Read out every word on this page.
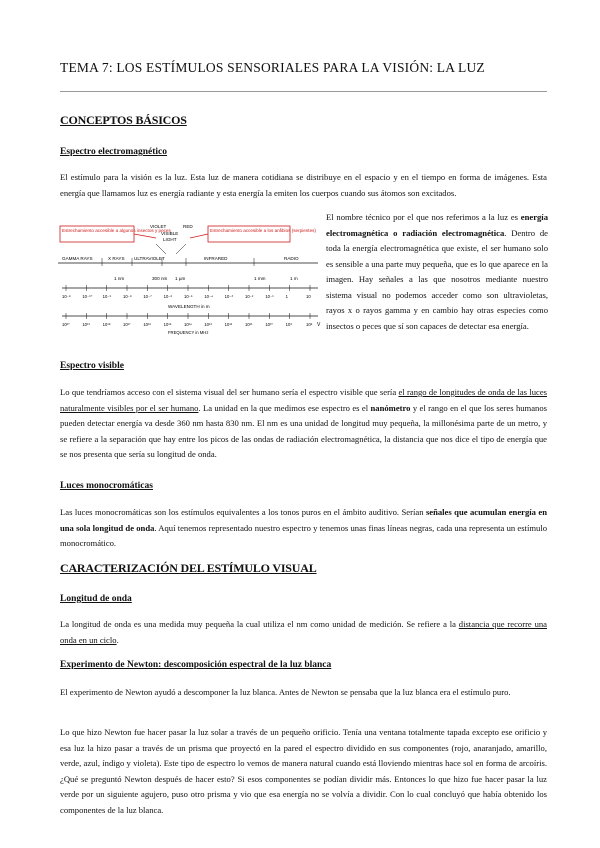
TEMA 7: LOS ESTÍMULOS SENSORIALES PARA LA VISIÓN: LA LUZ
CONCEPTOS BÁSICOS
Espectro electromagnético
El estímulo para la visión es la luz. Esta luz de manera cotidiana se distribuye en el espacio y en el tiempo en forma de imágenes. Esta energía que llamamos luz es energía radiante y esta energía la emiten los cuerpos cuando sus átomos son excitados.
Estrechamiento accesible a algunos insectos y peces	Estrechamiento accesible a los anfibios (serpientes)
VIOLET	RED
VISIBLE
LIGHT
GAMMA RAYS	X RAYS ULTRAVIOLET	INFRARED	RADIO
1 nm	300 nm 1 µm	1 mm	1 m
10⁻⁸	10⁻¹⁰ 10⁻⁹	10⁻⁸	10⁻⁷	10⁻⁶	10⁻⁵	10⁻⁴	10⁻³	10⁻²	10⁻¹	1	10
WAVELENGTH in m
10²⁰	10¹⁹	10¹⁸	10¹⁷	10¹⁶	10¹⁵	10¹⁴	10¹³	10¹²	10¹¹	10¹⁰	10⁹	10⁸
FREQUENCY in MHz
V
El nombre técnico por el que nos referimos a la luz es energía electromagnética o radiación electromagnética. Dentro de toda la energía electromagnética que existe, el ser humano solo es sensible a una parte muy pequeña, que es lo que aparece en la imagen. Hay señales a las que nosotros mediante nuestro sistema visual no podemos acceder como son ultravioletas, rayos x o rayos gamma y en cambio hay otras especies como insectos o peces que sí son capaces de detectar esa energía.
Espectro visible
Lo que tendríamos acceso con el sistema visual del ser humano sería el espectro visible que sería el rango de longitudes de onda de las luces naturalmente visibles por el ser humano. La unidad en la que medimos ese espectro es el nanómetro y el rango en el que los seres humanos pueden detectar energía va desde 360 nm hasta 830 nm. El nm es una unidad de longitud muy pequeña, la millonésima parte de un metro, y se refiere a la separación que hay entre los picos de las ondas de radiación electromagnética, la distancia que nos dice el tipo de energía que se nos presenta que sería su longitud de onda.
Luces monocromáticas
Las luces monocromáticas son los estímulos equivalentes a los tonos puros en el ámbito auditivo. Serían señales que acumulan energía en una sola longitud de onda. Aquí tenemos representado nuestro espectro y tenemos unas finas líneas negras, cada una representa un estímulo monocromático.
CARACTERIZACIÓN DEL ESTÍMULO VISUAL
Longitud de onda
La longitud de onda es una medida muy pequeña la cual utiliza el nm como unidad de medición. Se refiere a la distancia que recorre una onda en un ciclo.
Experimento de Newton: descomposición espectral de la luz blanca
El experimento de Newton ayudó a descomponer la luz blanca. Antes de Newton se pensaba que la luz blanca era el estímulo puro.
Lo que hizo Newton fue hacer pasar la luz solar a través de un pequeño orificio. Tenía una ventana totalmente tapada excepto ese orificio y esa luz la hizo pasar a través de un prisma que proyectó en la pared el espectro dividido en sus componentes (rojo, anaranjado, amarillo, verde, azul, índigo y violeta). Este tipo de espectro lo vemos de manera natural cuando está lloviendo mientras hace sol en forma de arcoíris. ¿Qué se preguntó Newton después de hacer esto? Si esos componentes se podían dividir más. Entonces lo que hizo fue hacer pasar la luz verde por un siguiente agujero, puso otro prisma y vio que esa energía no se volvía a dividir. Con lo cual concluyó que había obtenido los componentes de la luz blanca.
